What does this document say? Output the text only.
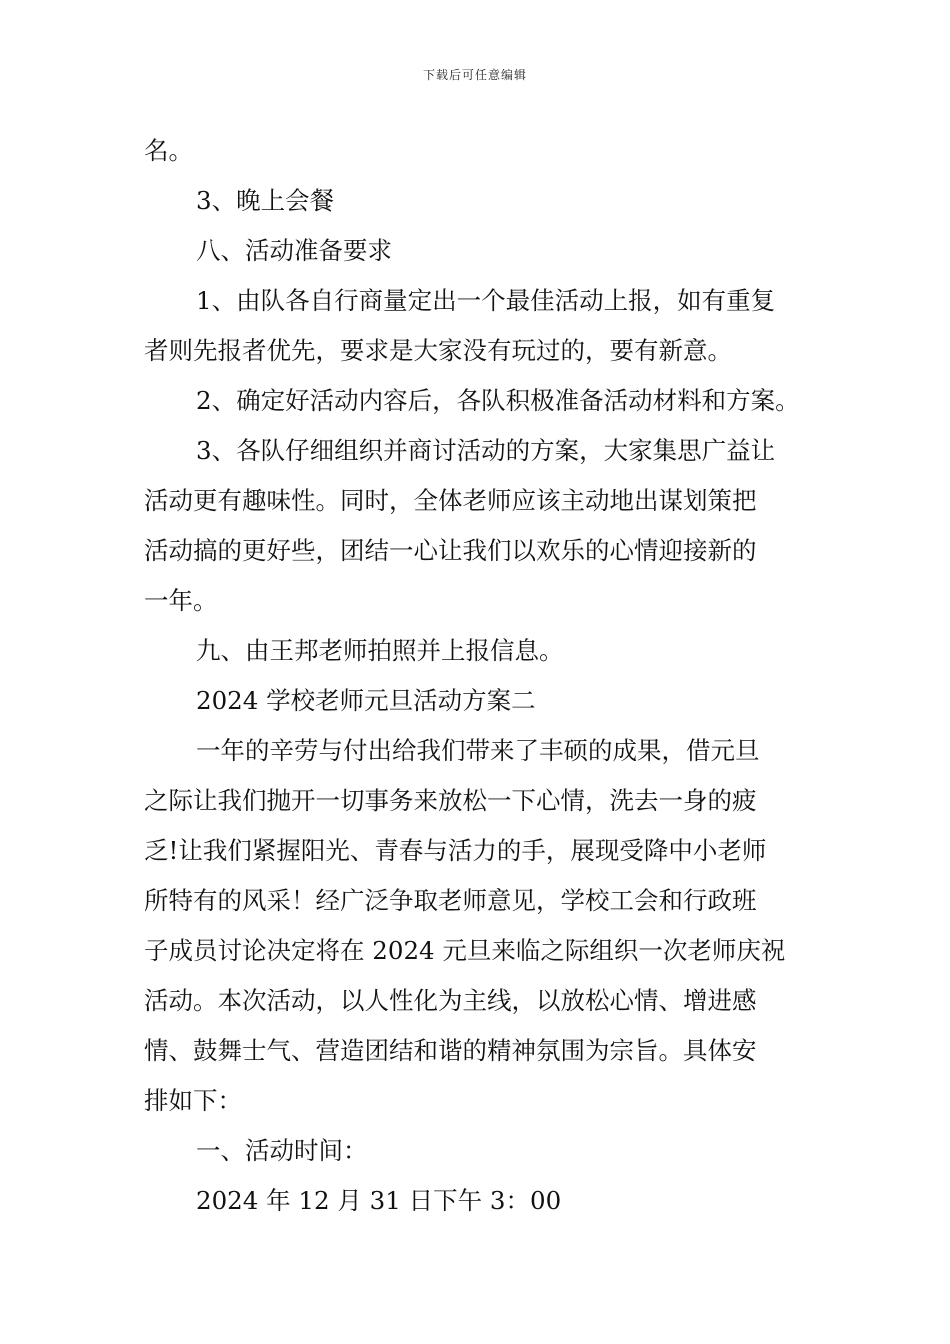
下载后可任意编辑

名。

3、晚上会餐

八、活动准备要求

1、由队各自行商量定出一个最佳活动上报，如有重复
者则先报者优先，要求是大家没有玩过的，要有新意。

2、确定好活动内容后，各队积极准备活动材料和方案。

3、各队仔细组织并商讨活动的方案，大家集思广益让
活动更有趣味性。同时，全体老师应该主动地出谋划策把
活动搞的更好些，团结一心让我们以欢乐的心情迎接新的
一年。

九、由王邦老师拍照并上报信息。

2024 学校老师元旦活动方案二

一年的辛劳与付出给我们带来了丰硕的成果，借元旦
之际让我们抛开一切事务来放松一下心情，洗去一身的疲
乏!让我们紧握阳光、青春与活力的手，展现受降中小老师
所特有的风采！经广泛争取老师意见，学校工会和行政班
子成员讨论决定将在 2024 元旦来临之际组织一次老师庆祝
活动。本次活动，以人性化为主线，以放松心情、增进感
情、鼓舞士气、营造团结和谐的精神氛围为宗旨。具体安
排如下：

一、活动时间：

2024 年 12 月 31 日下午 3：00
